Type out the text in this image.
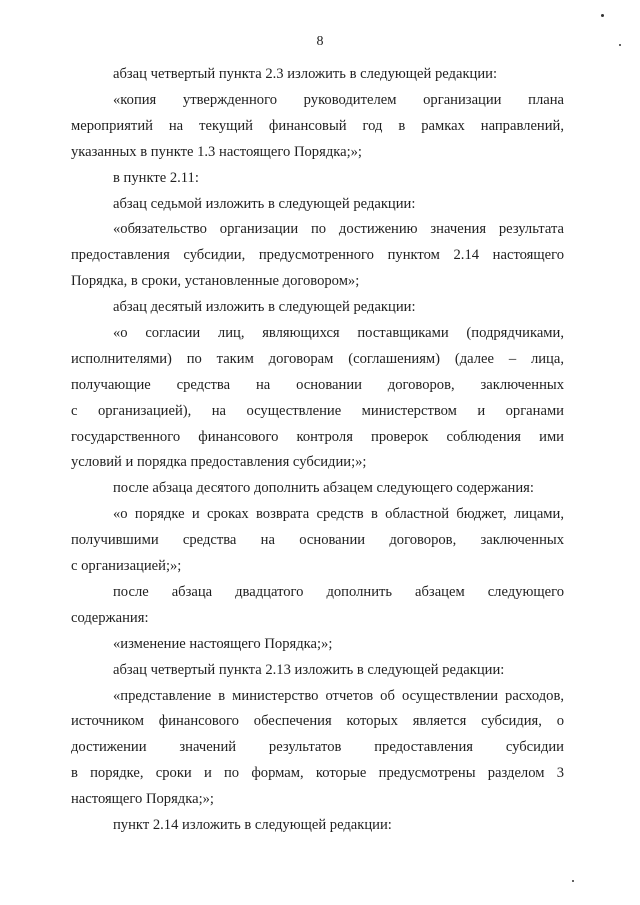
8
абзац четвертый пункта 2.3 изложить в следующей редакции:
«копия утвержденного руководителем организации плана
мероприятий на текущий финансовый год в рамках направлений,
указанных в пункте 1.3 настоящего Порядка;»;
в пункте 2.11:
абзац седьмой изложить в следующей редакции:
«обязательство организации по достижению значения результата
предоставления субсидии, предусмотренного пунктом 2.14 настоящего
Порядка, в сроки, установленные договором»;
абзац десятый изложить в следующей редакции:
«о согласии лиц, являющихся поставщиками (подрядчиками,
исполнителями) по таким договорам (соглашениям) (далее – лица,
получающие средства на основании договоров, заключенных
с организацией), на осуществление министерством и органами
государственного финансового контроля проверок соблюдения ими
условий и порядка предоставления субсидии;»;
после абзаца десятого дополнить абзацем следующего содержания:
«о порядке и сроках возврата средств в областной бюджет, лицами,
получившими средства на основании договоров, заключенных
с организацией;»;
после абзаца двадцатого дополнить абзацем следующего
содержания:
«изменение настоящего Порядка;»;
абзац четвертый пункта 2.13 изложить в следующей редакции:
«представление в министерство отчетов об осуществлении расходов,
источником финансового обеспечения которых является субсидия, о
достижении значений результатов предоставления субсидии
в порядке, сроки и по формам, которые предусмотрены разделом 3
настоящего Порядка;»;
пункт 2.14 изложить в следующей редакции:
